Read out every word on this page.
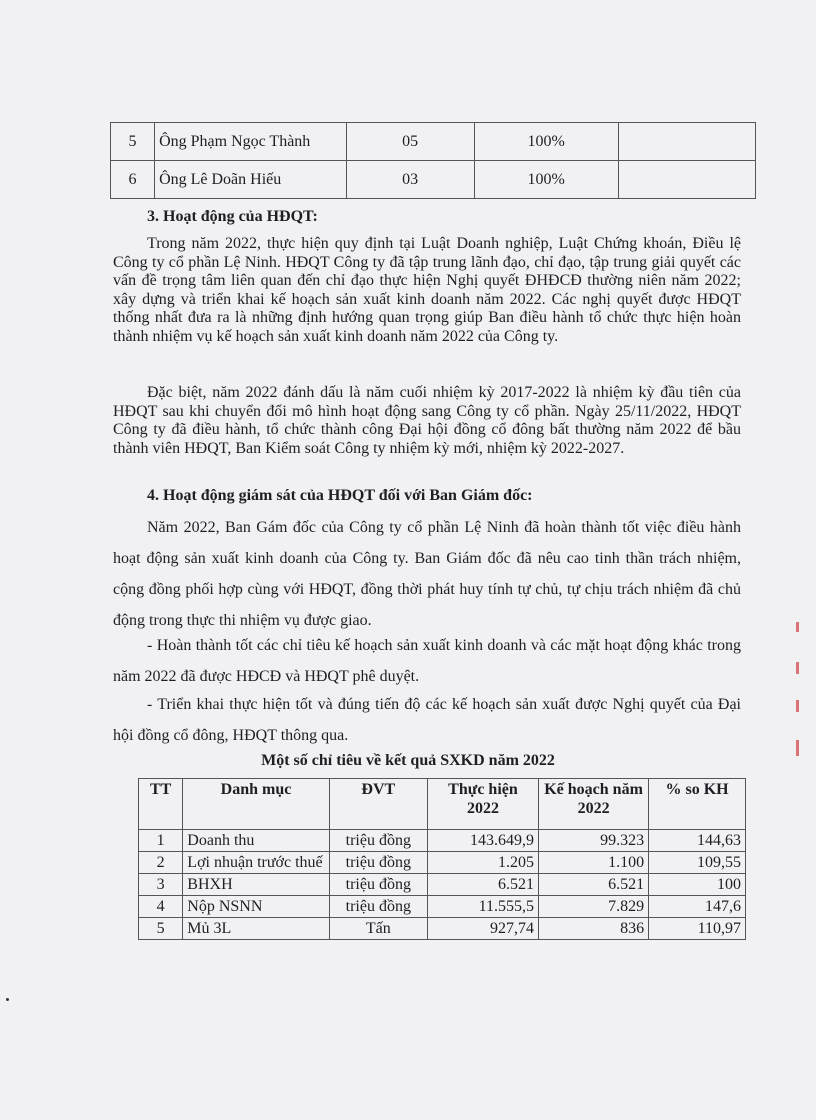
5	Ông Phạm Ngọc Thành	05	100%	
6	Ông Lê Doãn Hiếu	03	100%	
3. Hoạt động của HĐQT:

Trong năm 2022, thực hiện quy định tại Luật Doanh nghiệp, Luật Chứng khoán, Điều lệ Công ty cổ phần Lệ Ninh. HĐQT Công ty đã tập trung lãnh đạo, chỉ đạo, tập trung giải quyết các vấn đề trọng tâm liên quan đến chỉ đạo thực hiện Nghị quyết ĐHĐCĐ thường niên năm 2022; xây dựng và triển khai kế hoạch sản xuất kinh doanh năm 2022. Các nghị quyết được HĐQT thống nhất đưa ra là những định hướng quan trọng giúp Ban điều hành tổ chức thực hiện hoàn thành nhiệm vụ kế hoạch sản xuất kinh doanh năm 2022 của Công ty.

Đặc biệt, năm 2022 đánh dấu là năm cuối nhiệm kỳ 2017-2022 là nhiệm kỳ đầu tiên của HĐQT sau khi chuyển đổi mô hình hoạt động sang Công ty cổ phần. Ngày 25/11/2022, HĐQT Công ty đã điều hành, tổ chức thành công Đại hội đồng cổ đông bất thường năm 2022 để bầu thành viên HĐQT, Ban Kiểm soát Công ty nhiệm kỳ mới, nhiệm kỳ 2022-2027.

4. Hoạt động giám sát của HĐQT đối với Ban Giám đốc:

Năm 2022, Ban Gám đốc của Công ty cổ phần Lệ Ninh đã hoàn thành tốt việc điều hành hoạt động sản xuất kinh doanh của Công ty. Ban Giám đốc đã nêu cao tinh thần trách nhiệm, cộng đồng phối hợp cùng với HĐQT, đồng thời phát huy tính tự chủ, tự chịu trách nhiệm đã chủ động trong thực thi nhiệm vụ được giao.

- Hoàn thành tốt các chỉ tiêu kế hoạch sản xuất kinh doanh và các mặt hoạt động khác trong năm 2022 đã được HĐCĐ và HĐQT phê duyệt.

- Triển khai thực hiện tốt và đúng tiến độ các kế hoạch sản xuất được Nghị quyết của Đại hội đồng cổ đông, HĐQT thông qua.

Một số chỉ tiêu về kết quả SXKD năm 2022
TT	Danh mục	ĐVT	Thực hiện 2022	Kế hoạch năm 2022	% so KH
1	Doanh thu	triệu đồng	143.649,9	99.323	144,63
2	Lợi nhuận trước thuế	triệu đồng	1.205	1.100	109,55
3	BHXH	triệu đồng	6.521	6.521	100
4	Nộp NSNN	triệu đồng	11.555,5	7.829	147,6
5	Mủ 3L	Tấn	927,74	836	110,97
